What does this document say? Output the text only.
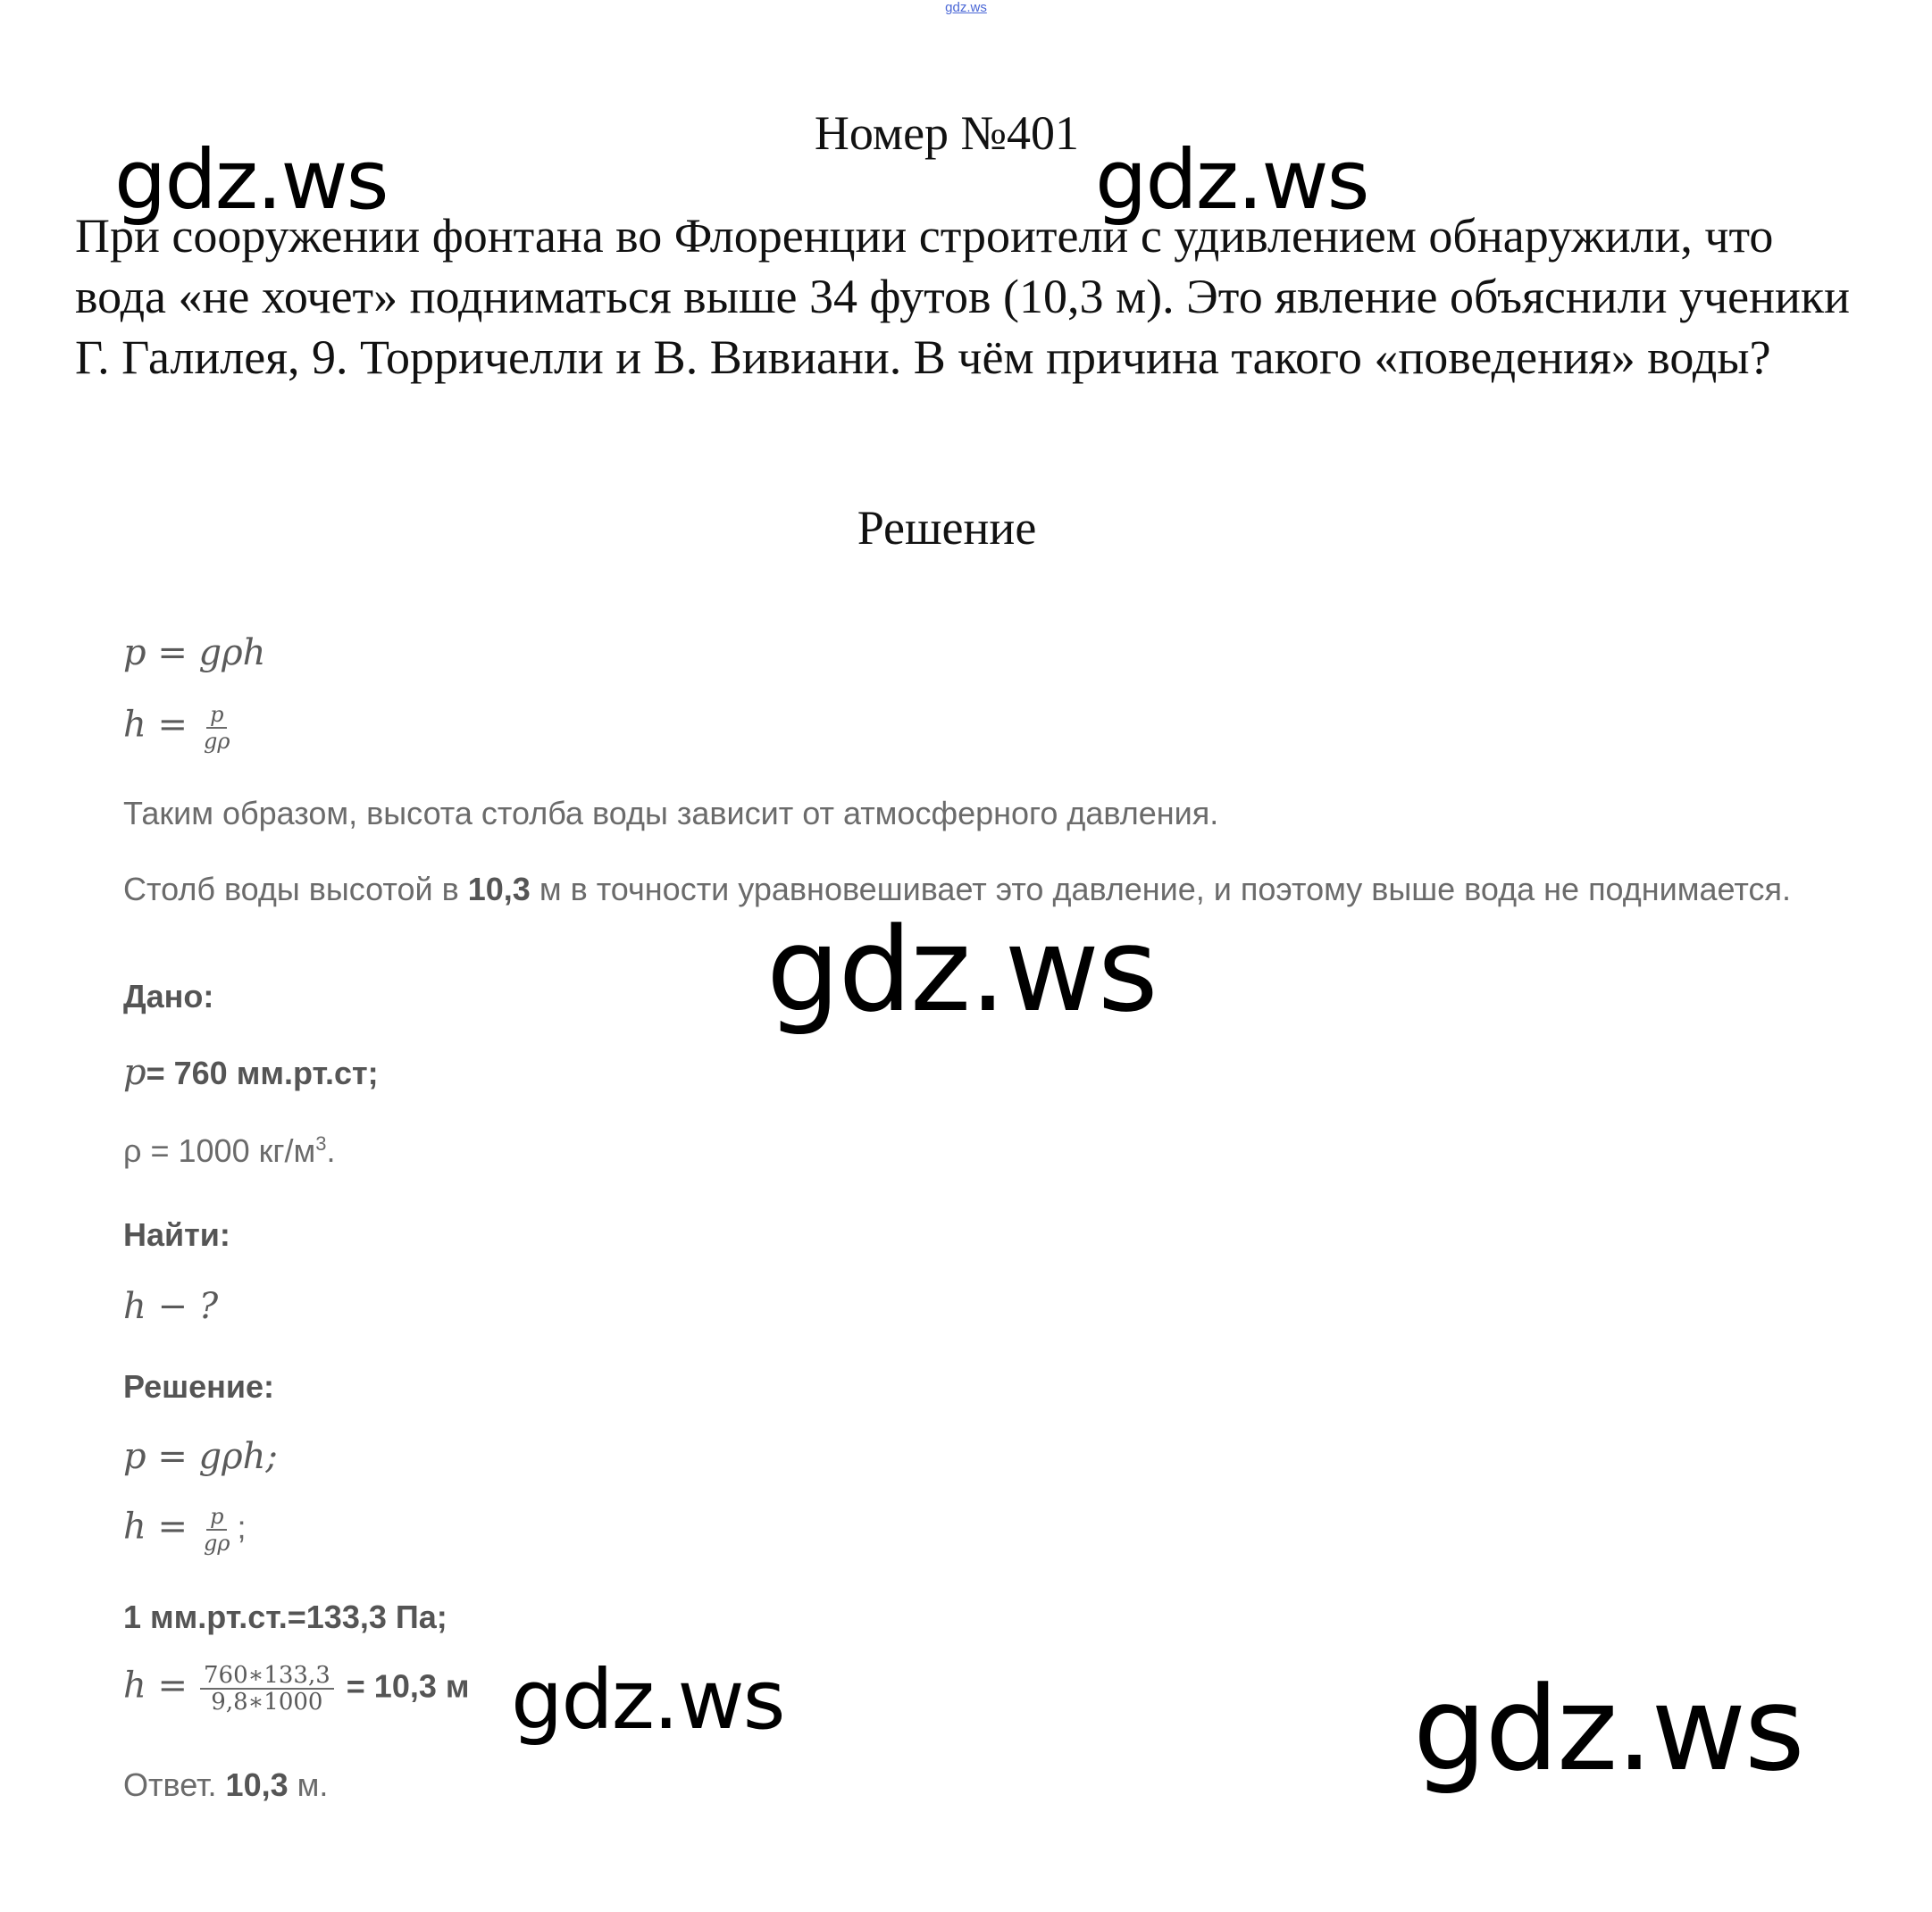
gdz.ws
Номер №401

При сооружении фонтана во Флоренции строители с удивлением обнаружили, что вода «не хочет» подниматься выше 34 футов (10,3 м). Это явление объяснили ученики Г. Галилея, 9. Торричелли и В. Вивиани. В чём причина такого «поведения» воды?

Решение
p = gρh
$h = \frac{p}{g\rho}$
Таким образом, высота столба воды зависит от атмосферного давления.
Столб воды высотой в 10,3 м в точности уравновешивает это давление, и поэтому выше вода не поднимается.
Дано:
p= 760 мм.рт.ст;
ρ = 1000 $кг/м^3$.
Найти:
h − ?
Решение:
p = gρh;
$h = \frac{p}{g\rho}$ ;
1 мм.рт.ст.=133,3 Па;
$h = \frac{760∗133,3}{9,8∗1000} = 10,3$ м
Ответ. 10,3 м.
gdz.ws	gdz.ws
gdz.ws
gdz.ws	gdz.ws
